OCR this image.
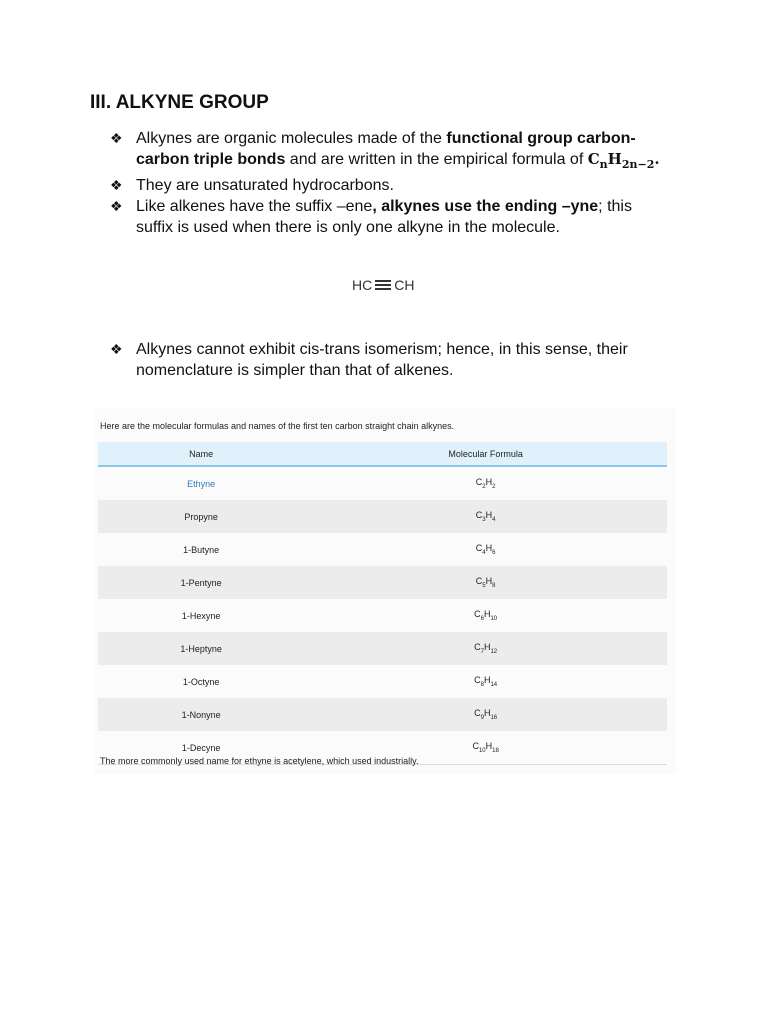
III. ALKYNE GROUP
❖ Alkynes are organic molecules made of the functional group carbon-carbon triple bonds and are written in the empirical formula of $C_nH_{2n-2}$.
❖ They are unsaturated hydrocarbons.
❖ Like alkenes have the suffix –ene, alkynes use the ending –yne; this suffix is used when there is only one alkyne in the molecule.
HC CH
❖ Alkynes cannot exhibit cis-trans isomerism; hence, in this sense, their nomenclature is simpler than that of alkenes.
Here are the molecular formulas and names of the first ten carbon straight chain alkynes.
Name	Molecular Formula
Ethyne	$C_2H_2$
Propyne	$C_3H_4$
1-Butyne	$C_4H_6$
1-Pentyne	$C_5H_8$
1-Hexyne	$C_6H_{10}$
1-Heptyne	$C_7H_{12}$
1-Octyne	$C_8H_{14}$
1-Nonyne	$C_9H_{16}$
1-Decyne	$C_{10}H_{18}$
The more commonly used name for ethyne is acetylene, which used industrially.
